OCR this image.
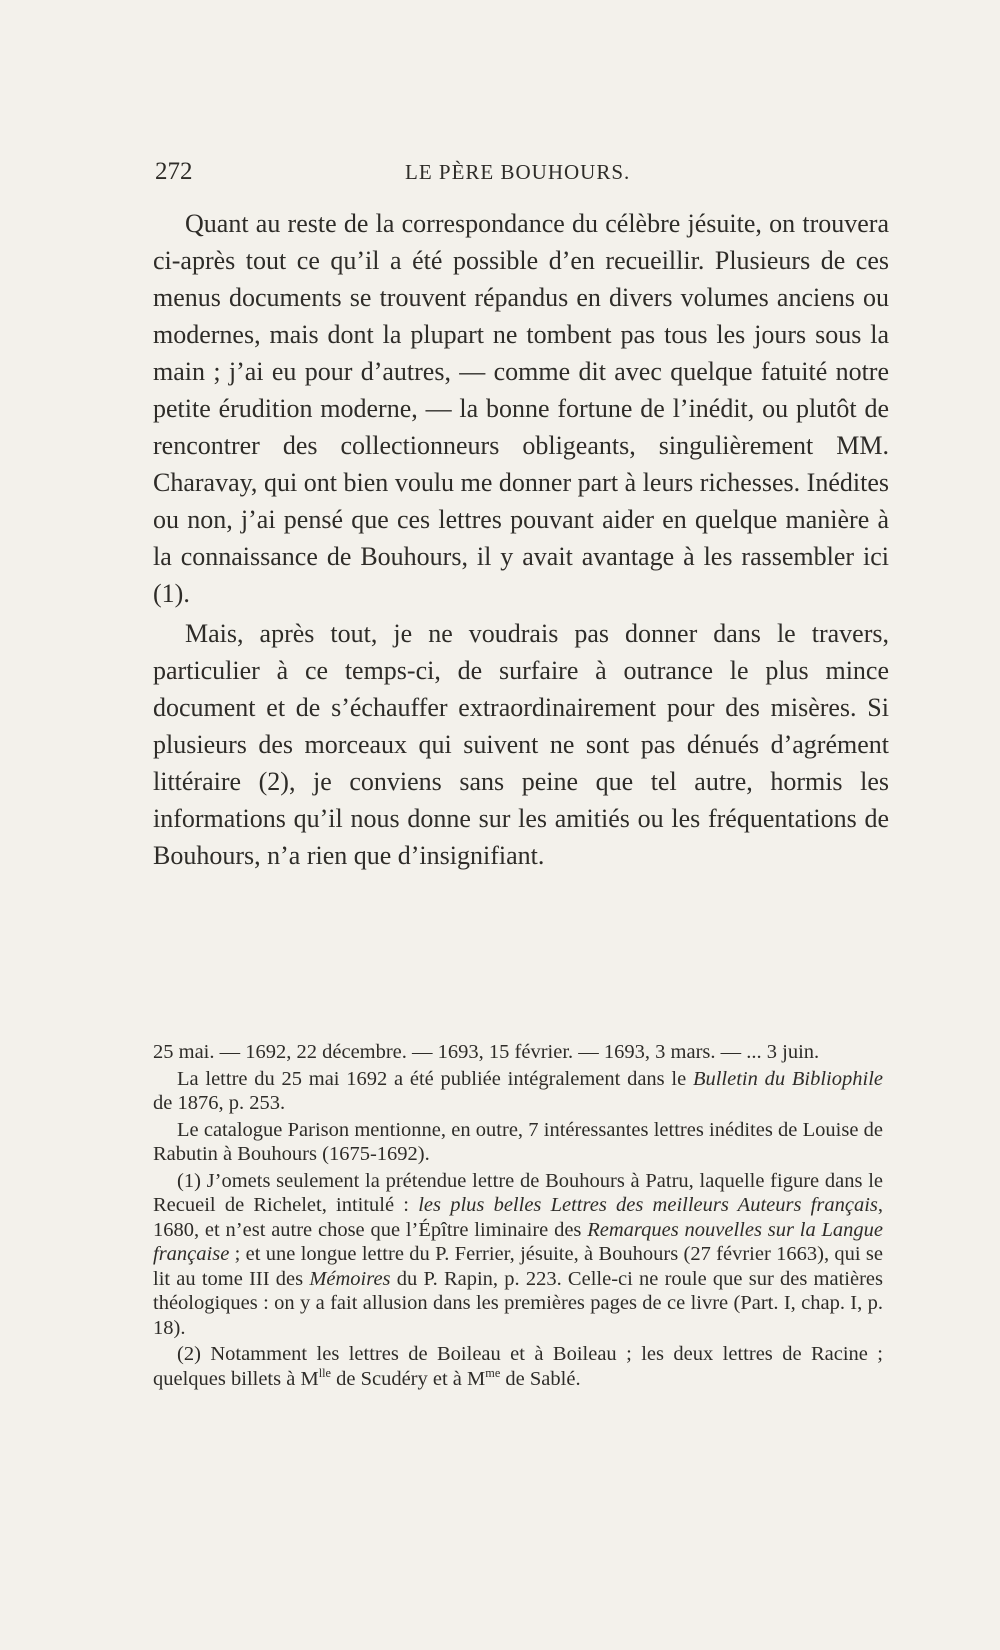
272	LE PÈRE BOUHOURS.

Quant au reste de la correspondance du célèbre jésuite, on trouvera ci-après tout ce qu’il a été possible d’en recueillir. Plusieurs de ces menus documents se trouvent répandus en divers volumes anciens ou modernes, mais dont la plupart ne tombent pas tous les jours sous la main ; j’ai eu pour d’autres, — comme dit avec quelque fatuité notre petite érudition moderne, — la bonne fortune de l’inédit, ou plutôt de rencontrer des collectionneurs obligeants, singulièrement MM. Charavay, qui ont bien voulu me donner part à leurs richesses. Inédites ou non, j’ai pensé que ces lettres pouvant aider en quelque manière à la connaissance de Bouhours, il y avait avantage à les rassembler ici (1).

Mais, après tout, je ne voudrais pas donner dans le travers, particulier à ce temps-ci, de surfaire à outrance le plus mince document et de s’échauffer extraordinairement pour des misères. Si plusieurs des morceaux qui suivent ne sont pas dénués d’agrément littéraire (2), je conviens sans peine que tel autre, hormis les informations qu’il nous donne sur les amitiés ou les fréquentations de Bouhours, n’a rien que d’insignifiant.

25 mai. — 1692, 22 décembre. — 1693, 15 février. — 1693, 3 mars. — ... 3 juin.

La lettre du 25 mai 1692 a été publiée intégralement dans le Bulletin du Bibliophile de 1876, p. 253.

Le catalogue Parison mentionne, en outre, 7 intéressantes lettres inédites de Louise de Rabutin à Bouhours (1675-1692).

(1) J’omets seulement la prétendue lettre de Bouhours à Patru, laquelle figure dans le Recueil de Richelet, intitulé : les plus belles Lettres des meilleurs Auteurs français, 1680, et n’est autre chose que l’Épître liminaire des Remarques nouvelles sur la Langue française ; et une longue lettre du P. Ferrier, jésuite, à Bouhours (27 février 1663), qui se lit au tome III des Mémoires du P. Rapin, p. 223. Celle-ci ne roule que sur des matières théologiques : on y a fait allusion dans les premières pages de ce livre (Part. I, chap. I, p. 18).

(2) Notamment les lettres de Boileau et à Boileau ; les deux lettres de Racine ; quelques billets à $M^{lle}$ de Scudéry et à $M^{me}$ de Sablé.
